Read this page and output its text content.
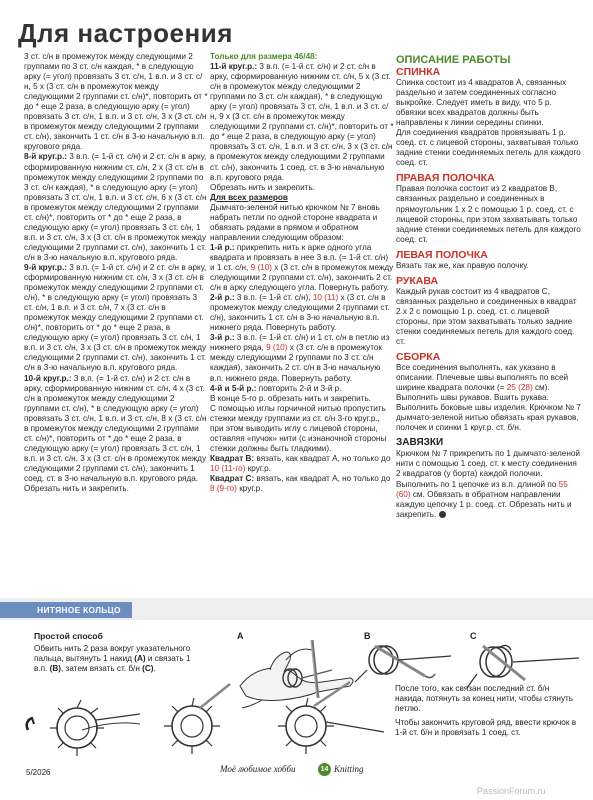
Для настроения

3 ст. с/н в промежуток между следующими 2 группами по 3 ст. с/н каждая, * в следующую арку (= угол) провязать 3 ст. с/н, 1 в.п. и 3 ст. с/н, 5 х (3 ст. с/н в промежуток между следующими 2 группами ст. с/н)*, повторить от * до * еще 2 раза, в следующую арку (= угол) провязать 3 ст. с/н, 1 в.п. и 3 ст. с/н, 3 х (3 ст. с/н в промежуток между следующими 2 группами ст. с/н), закончить 1 ст. с/н в 3-ю начальную в.п. кругового ряда.

8-й круг.р.: 3 в.п. (= 1-й ст. с/н) и 2 ст. с/н в арку, сформированную нижним ст. с/н, 2 х (3 ст. с/н в промежуток между следующими 2 группами по 3 ст. с/н каждая), * в следующую арку (= угол) провязать 3 ст. с/н, 1 в.п. и 3 ст. с/н, 6 х (3 ст. с/н в промежуток между следующими 2 группами ст. с/н)*, повторить от * до * еще 2 раза, в следующую арку (= угол) провязать 3 ст. с/н, 1 в.п. и 3 ст. с/н, 3 х (3 ст. с/н в промежуток между следующими 2 группами ст. с/н), закончить 1 ст. с/н в 3-ю начальную в.п. кругового ряда.

9-й круг.р.: 3 в.п. (= 1-й ст. с/н) и 2 ст. с/н в арку, сформированную нижним ст. с/н, 3 х (3 ст. с/н в промежуток между следующими 2 группами ст. с/н), * в следующую арку (= угол) провязать 3 ст. с/н, 1 в.п. и 3 ст. с/н, 7 х (3 ст. с/н в промежуток между следующими 2 группами ст. с/н)*, повторить от * до * еще 2 раза, в следующую арку (= угол) провязать 3 ст. с/н, 1 в.п. и 3 ст. с/н, 3 х (3 ст. с/н в промежуток между следующими 2 группами ст. с/н), закончить 1 ст. с/н в 3-ю начальную в.п. кругового ряда.

10-й круг.р.: 3 в.п. (= 1-й ст. с/н) и 2 ст. с/н в арку, сформированную нижним ст. с/н, 4 х (3 ст. с/н в промежуток между следующими 2 группами ст. с/н), * в следующую арку (= угол) провязать 3 ст. с/н, 1 в.п. и 3 ст. с/н, 8 х (3 ст. с/н в промежуток между следующими 2 группами ст. с/н)*, повторить от * до * еще 2 раза, в следующую арку (= угол) провязать 3 ст. с/н, 1 в.п. и 3 ст. с/н, 3 х (3 ст. с/н в промежуток между следующими 2 группами ст. с/н), закончить 1 соед. ст. в 3-ю начальную в.п. кругового ряда.

Обрезать нить и закрепить.

Только для размера 46/48:

11-й круг.р.: 3 в.п. (= 1-й ст. с/н) и 2 ст. с/н в арку, сформированную нижним ст. с/н, 5 х (3 ст. с/н в промежуток между следующими 2 группами по 3 ст. с/н каждая), * в следующую арку (= угол) провязать 3 ст. с/н, 1 в.п. и 3 ст. с/н, 9 х (3 ст. с/н в промежуток между следующими 2 группами ст. с/н)*, повторить от * до * еще 2 раза, в следующую арку (= угол) провязать 3 ст. с/н, 1 в.п. и 3 ст. с/н, 3 х (3 ст. с/н в промежуток между следующими 2 группами ст. с/н), закончить 1 соед. ст. в 3-ю начальную в.п. кругового ряда.

Обрезать нить и закрепить.

Для всех размеров

Дымчато-зеленой нитью крючком № 7 вновь набрать петли по одной стороне квадрата и обвязать рядами в прямом и обратном направлении следующим образом:

1-й р.: прикрепить нить к арке одного угла квадрата и провязать в нее 3 в.п. (= 1-й ст. с/н) и 1 ст. с/н, 9 (10) х (3 ст. с/н в промежуток между следующими 2 группами ст. с/н), закончить 2 ст. с/н в арку следующего угла. Повернуть работу.

2-й р.: 3 в.п. (= 1-й ст. с/н), 10 (11) х (3 ст. с/н в промежуток между следующими 2 группами ст. с/н), закончить 1 ст. с/н в 3-ю начальную в.п. нижнего ряда. Повернуть работу.

3-й р.: 3 в.п. (= 1-й ст. с/н) и 1 ст. с/н в петлю из нижнего ряда, 9 (10) х (3 ст. с/н в промежуток между следующими 2 группами по 3 ст. с/н каждая), закончить 2 ст. с/н в 3-ю начальную в.п. нижнего ряда. Повернуть работу.

4-й и 5-й р.: повторить 2-й и 3-й р.

В конце 5-го р. обрезать нить и закрепить.

С помощью иглы горчичной нитью пропустить стежки между группами из ст. с/н 3-го круг.р., при этом выводить иглу с лицевой стороны, оставляя «пучок» нити (с изнаночной стороны стежки должны быть гладкими).

Квадрат В: вязать, как квадрат А, но только до 10 (11-го) круг.р.

Квадрат С: вязать, как квадрат А, но только до 8 (9-го) круг.р.

ОПИСАНИЕ РАБОТЫ
СПИНКА

Спинка состоит из 4 квадратов А, связанных раздельно и затем соединенных согласно выкройке. Следует иметь в виду, что 5 р. обвязки всех квадратов должны быть направлены к линии середины спинки.

Для соединения квадратов провязывать 1 р. соед. ст. с лицевой стороны, захватывая только задние стенки соединяемых петель для каждого соед. ст.

ПРАВАЯ ПОЛОЧКА

Правая полочка состоит из 2 квадратов В, связанных раздельно и соединенных в прямоугольник 1 х 2 с помощью 1 р. соед. ст. с лицевой стороны, при этом захватывать только задние стенки соединяемых петель для каждого соед. ст.

ЛЕВАЯ ПОЛОЧКА

Вязать так же, как правую полочку.

РУКАВА

Каждый рукав состоит из 4 квадратов С, связанных раздельно и соединенных в квадрат 2 х 2 с помощью 1 р. соед. ст. с лицевой стороны, при этом захватывать только задние стенки соединяемых петель для каждого соед. ст.

СБОРКА

Все соединения выполнять, как указано в описании. Плечевые швы выполнять по всей ширине квадрата полочки (= 25 (28) см). Выполнить швы рукавов. Вшить рукава. Выполнить боковые швы изделия. Крючком № 7 дымчато-зеленой нитью обвязать края рукавов, полочек и спинки 1 круг.р. ст. б/н.

ЗАВЯЗКИ

Крючком № 7 прикрепить по 1 дымчато-зеленой нити с помощью 1 соед. ст. к месту соединения 2 квадратов (у борта) каждой полочки. Выполнить по 1 цепочке из в.п. длиной по 55 (60) см. Обвязать в обратном направлении каждую цепочку 1 р. соед. ст. Обрезать нить и закрепить.

НИТЯНОЕ КОЛЬЦО
Простой способ
Обвить нить 2 раза вокруг указательного пальца, вытянуть 1 накид (A) и связать 1 в.п. (B), затем вязать ст. б/н (C).
A	B	C

После того, как связан последний ст. б/н накида, потянуть за конец нити, чтобы стянуть петлю.

Чтобы закончить круговой ряд, ввести крючок в 1-й ст. б/н и провязать 1 соед. ст.

5/2026	Моё любимое хобби	14 Knitting
PassionForum.ru
